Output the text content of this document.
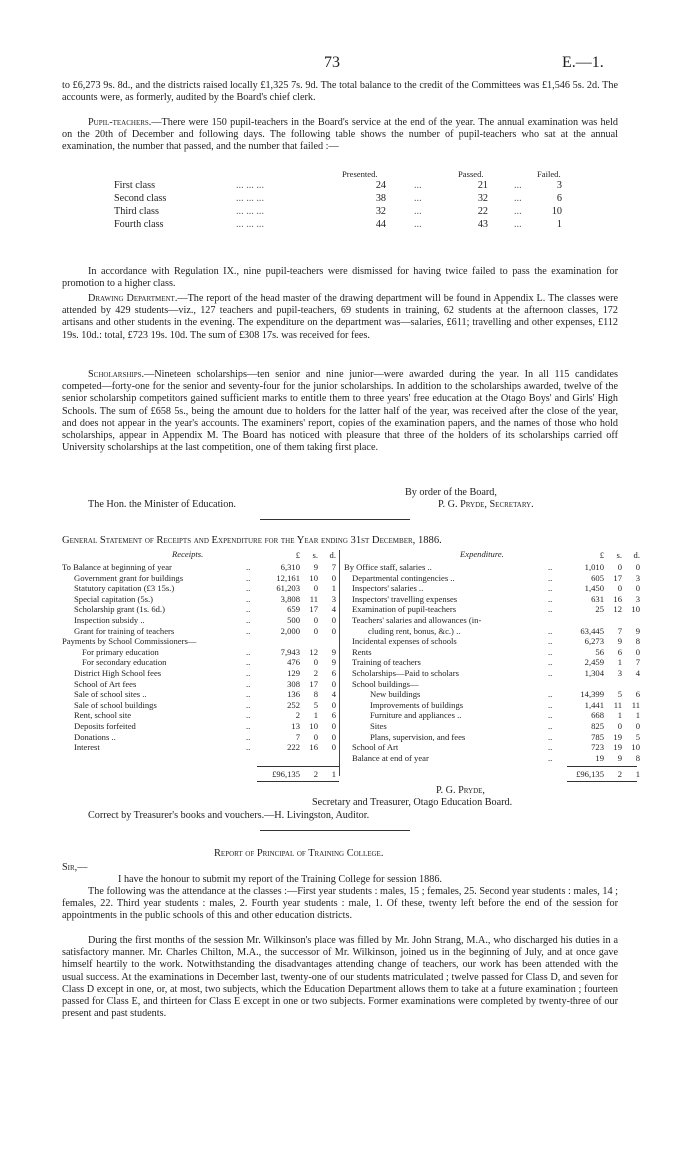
73	E.—1.
to £6,273 9s. 8d., and the districts raised locally £1,325 7s. 9d. The total balance to the credit of the Committees was £1,546 5s. 2d. The accounts were, as formerly, audited by the Board's chief clerk.
Pupil-teachers.—There were 150 pupil-teachers in the Board's service at the end of the year. The annual examination was held on the 20th of December and following days. The following table shows the number of pupil-teachers who sat at the annual examination, the number that passed, and the number that failed :—
Presented.	Passed.	Failed.
First class	... ... ...	24	...	21	...	3
Second class	... ... ...	38	...	32	...	6
Third class	... ... ...	32	...	22	...	10
Fourth class	... ... ...	44	...	43	...	1
In accordance with Regulation IX., nine pupil-teachers were dismissed for having twice failed to pass the examination for promotion to a higher class.
Drawing Department.—The report of the head master of the drawing department will be found in Appendix L. The classes were attended by 429 students—viz., 127 teachers and pupil-teachers, 69 students in training, 62 students at the afternoon classes, 172 artisans and other students in the evening. The expenditure on the department was—salaries, £611; travelling and other expenses, £112 19s. 10d.: total, £723 19s. 10d. The sum of £308 17s. was received for fees.
Scholarships.—Nineteen scholarships—ten senior and nine junior—were awarded during the year. In all 115 candidates competed—forty-one for the senior and seventy-four for the junior scholarships. In addition to the scholarships awarded, twelve of the senior scholarship competitors gained sufficient marks to entitle them to three years' free education at the Otago Boys' and Girls' High Schools. The sum of £658 5s., being the amount due to holders for the latter half of the year, was received after the close of the year, and does not appear in the year's accounts. The examiners' report, copies of the examination papers, and the names of those who hold scholarships, appear in Appendix M. The Board has noticed with pleasure that three of the holders of its scholarships carried off University scholarships at the last competition, one of them taking first place.
By order of the Board,
The Hon. the Minister of Education.	P. G. Pryde, Secretary.
General Statement of Receipts and Expenditure for the Year ending 31st December, 1886.
Receipts.	Expenditure.
£	s.	d.	£	s.	d.
To Balance at beginning of year	..	6,310	9	7
Government grant for buildings	..	12,161	10	0
Statutory capitation (£3 15s.)	..	61,203	0	1
Special capitation (5s.)	..	3,808	11	3
Scholarship grant (1s. 6d.)	..	659	17	4
Inspection subsidy ..	..	500	0	0
Grant for training of teachers	..	2,000	0	0
Payments by School Commissioners—
For primary education	..	7,943	12	9
For secondary education	..	476	0	9
District High School fees	..	129	2	6
School of Art fees	..	308	17	0
Sale of school sites ..	..	136	8	4
Sale of school buildings	..	252	5	0
Rent, school site	..	2	1	6
Deposits forfeited	..	13	10	0
Donations ..	..	7	0	0
Interest	..	222	16	0
By Office staff, salaries ..	..	1,010	0	0
Departmental contingencies ..	..	605	17	3
Inspectors' salaries ..	..	1,450	0	0
Inspectors' travelling expenses	..	631	16	3
Examination of pupil-teachers	..	25	12	10
Teachers' salaries and allowances (in-
cluding rent, bonus, &c.) ..	..	63,445	7	9
Incidental expenses of schools	..	6,273	9	8
Rents	..	56	6	0
Training of teachers	..	2,459	1	7
Scholarships—Paid to scholars	..	1,304	3	4
School buildings—
New buildings	..	14,399	5	6
Improvements of buildings	..	1,441	11	11
Furniture and appliances ..	..	668	1	1
Sites	..	825	0	0
Plans, supervision, and fees	..	785	19	5
School of Art	..	723	19	10
Balance at end of year	..	19	9	8
£96,135	2	1	£96,135	2	1
P. G. Pryde,
Secretary and Treasurer, Otago Education Board.
Correct by Treasurer's books and vouchers.—H. Livingston, Auditor.
Report of Principal of Training College.
Sir,—
I have the honour to submit my report of the Training College for session 1886.
The following was the attendance at the classes :—First year students : males, 15 ; females, 25. Second year students : males, 14 ; females, 22. Third year students : males, 2. Fourth year students : male, 1. Of these, twenty left before the end of the session for appointments in the public schools of this and other education districts.
During the first months of the session Mr. Wilkinson's place was filled by Mr. John Strang, M.A., who discharged his duties in a satisfactory manner. Mr. Charles Chilton, M.A., the successor of Mr. Wilkinson, joined us in the beginning of July, and at once gave himself heartily to the work. Notwithstanding the disadvantages attending change of teachers, our work has been attended with the usual success. At the examinations in December last, twenty-one of our students matriculated ; twelve passed for Class D, and seven for Class D except in one, or, at most, two subjects, which the Education Department allows them to take at a future examination ; fourteen passed for Class E, and thirteen for Class E except in one or two subjects. Former examinations were completed by twenty-three of our present and past students.
